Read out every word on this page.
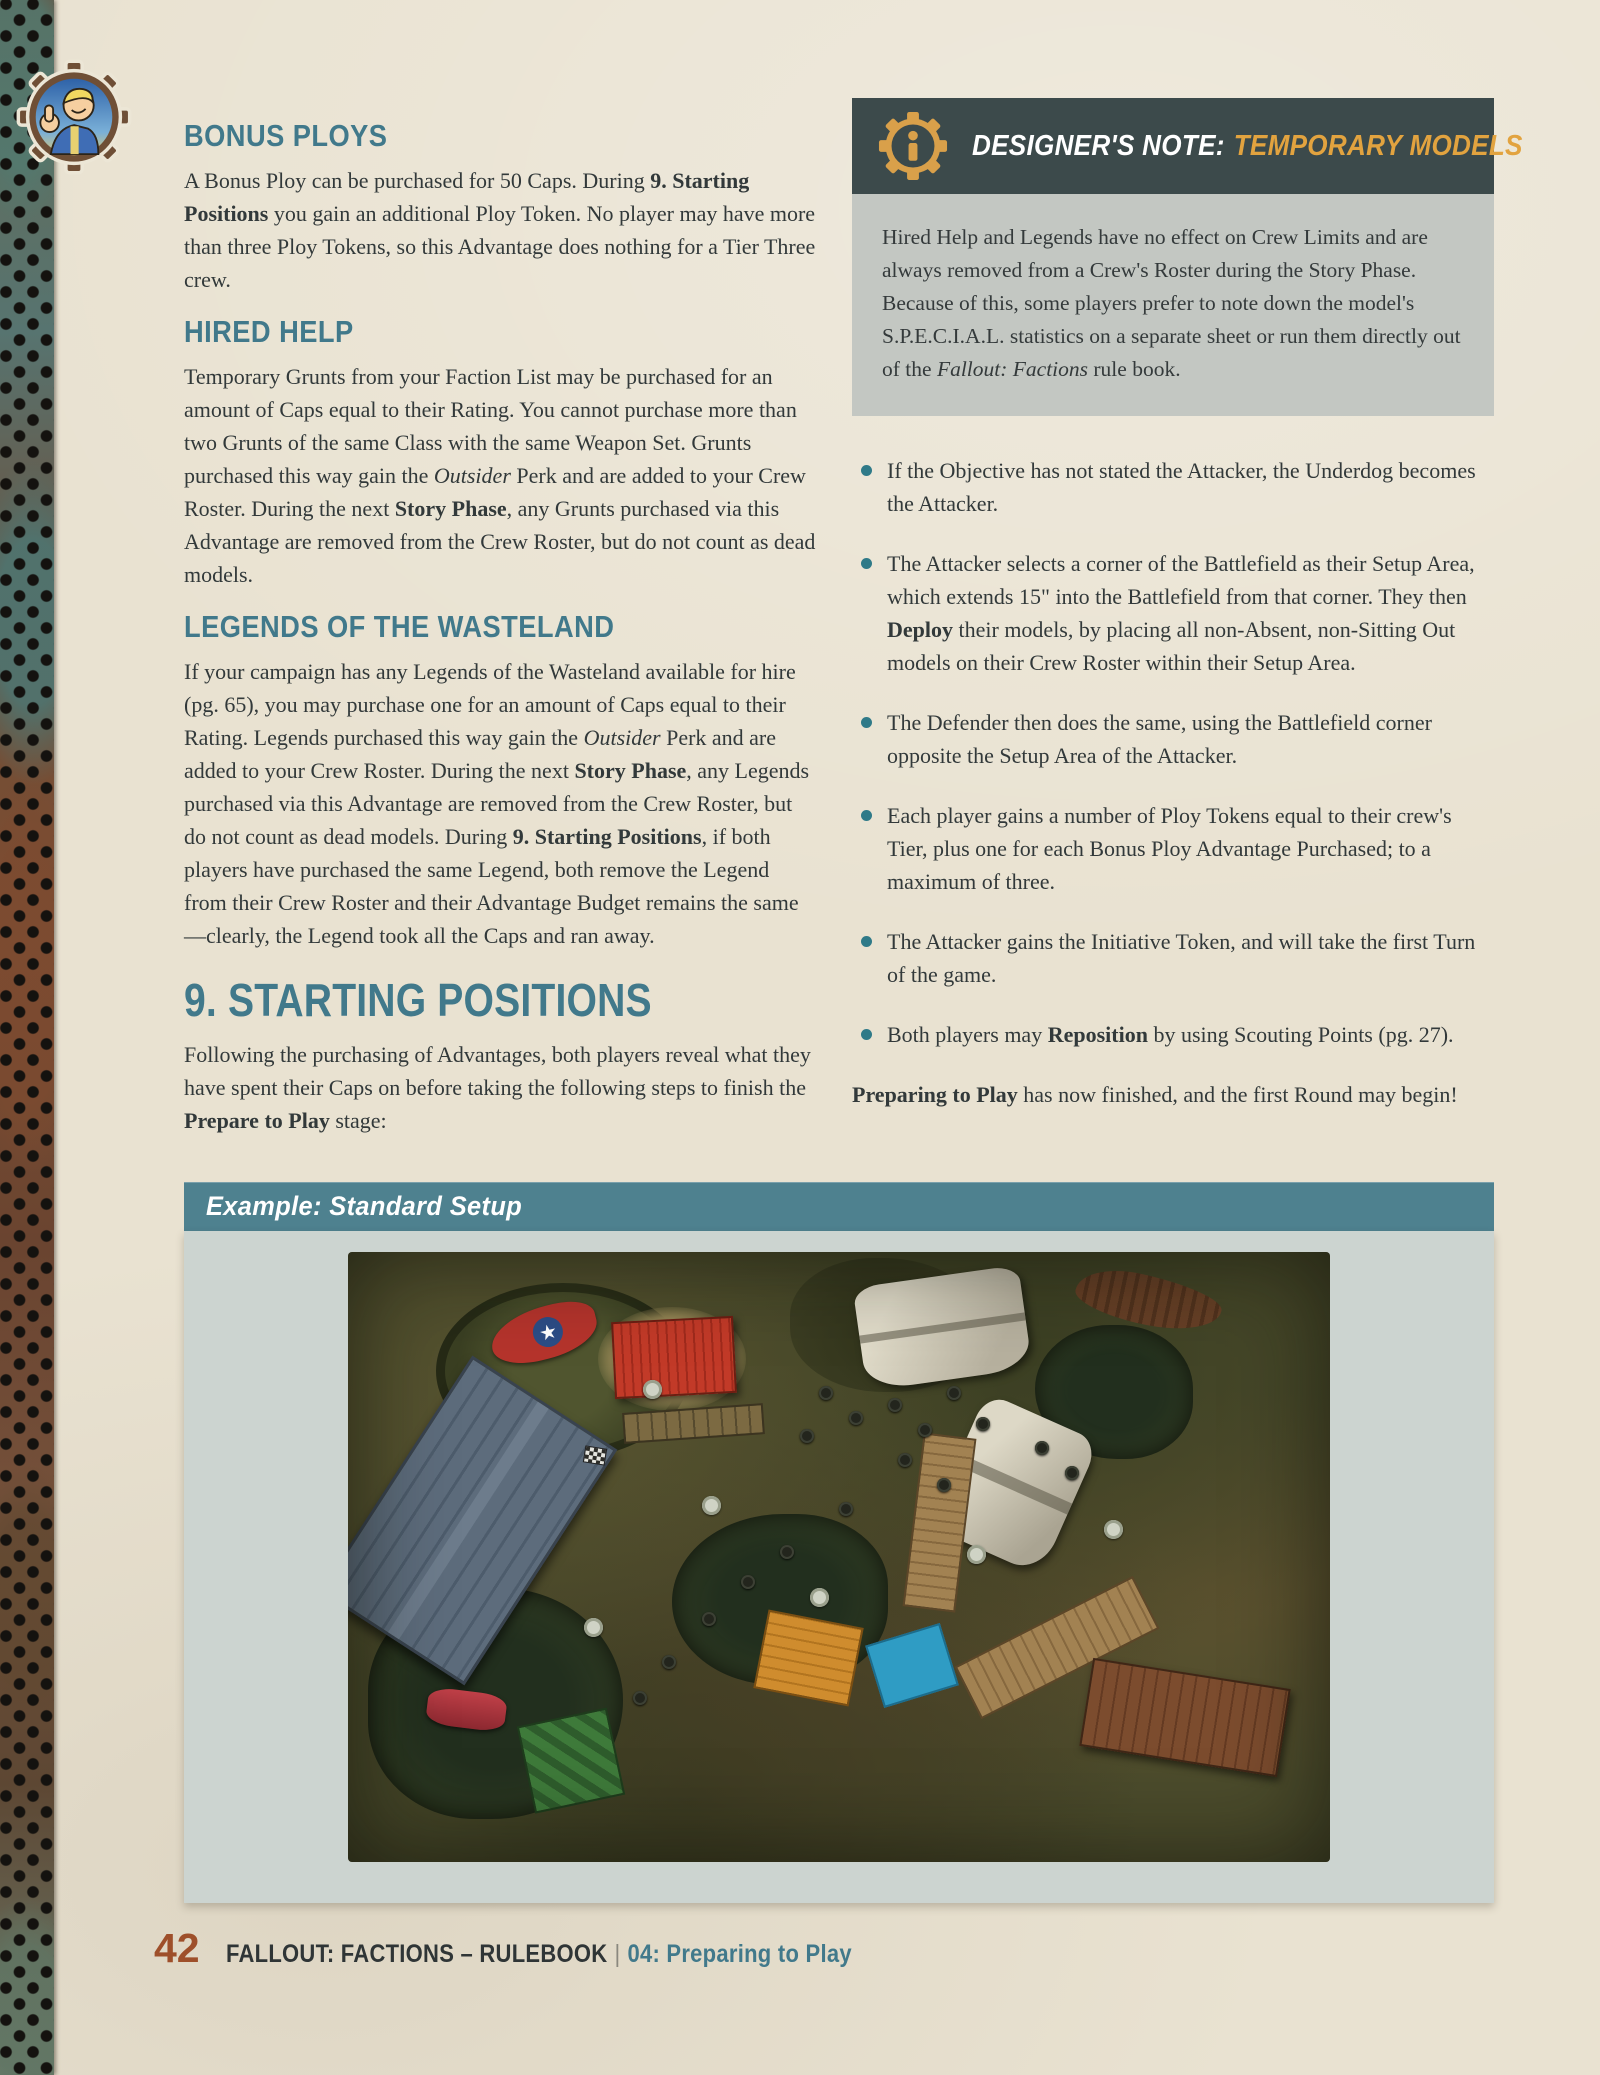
BONUS PLOYS

A Bonus Ploy can be purchased for 50 Caps. During 9. Starting Positions you gain an additional Ploy Token. No player may have more than three Ploy Tokens, so this Advantage does nothing for a Tier Three crew.

HIRED HELP

Temporary Grunts from your Faction List may be purchased for an amount of Caps equal to their Rating. You cannot purchase more than two Grunts of the same Class with the same Weapon Set. Grunts purchased this way gain the Outsider Perk and are added to your Crew Roster. During the next Story Phase, any Grunts purchased via this Advantage are removed from the Crew Roster, but do not count as dead models.

LEGENDS OF THE WASTELAND

If your campaign has any Legends of the Wasteland available for hire (pg. 65), you may purchase one for an amount of Caps equal to their Rating. Legends purchased this way gain the Outsider Perk and are added to your Crew Roster. During the next Story Phase, any Legends purchased via this Advantage are removed from the Crew Roster, but do not count as dead models. During 9. Starting Positions, if both players have purchased the same Legend, both remove the Legend from their Crew Roster and their Advantage Budget remains the same—clearly, the Legend took all the Caps and ran away.

9. STARTING POSITIONS

Following the purchasing of Advantages, both players reveal what they have spent their Caps on before taking the following steps to finish the Prepare to Play stage:

DESIGNER'S NOTE: TEMPORARY MODELS
Hired Help and Legends have no effect on Crew Limits and are always removed from a Crew's Roster during the Story Phase. Because of this, some players prefer to note down the model's S.P.E.C.I.A.L. statistics on a separate sheet or run them directly out of the Fallout: Factions rule book.
If the Objective has not stated the Attacker, the Underdog becomes the Attacker.
The Attacker selects a corner of the Battlefield as their Setup Area, which extends 15" into the Battlefield from that corner. They then Deploy their models, by placing all non-Absent, non-Sitting Out models on their Crew Roster within their Setup Area.
The Defender then does the same, using the Battlefield corner opposite the Setup Area of the Attacker.
Each player gains a number of Ploy Tokens equal to their crew's Tier, plus one for each Bonus Ploy Advantage Purchased; to a maximum of three.
The Attacker gains the Initiative Token, and will take the first Turn of the game.
Both players may Reposition by using Scouting Points (pg. 27).

Preparing to Play has now finished, and the first Round may begin!

Example: Standard Setup
★
42 FALLOUT: FACTIONS – RULEBOOK | 04: Preparing to Play
